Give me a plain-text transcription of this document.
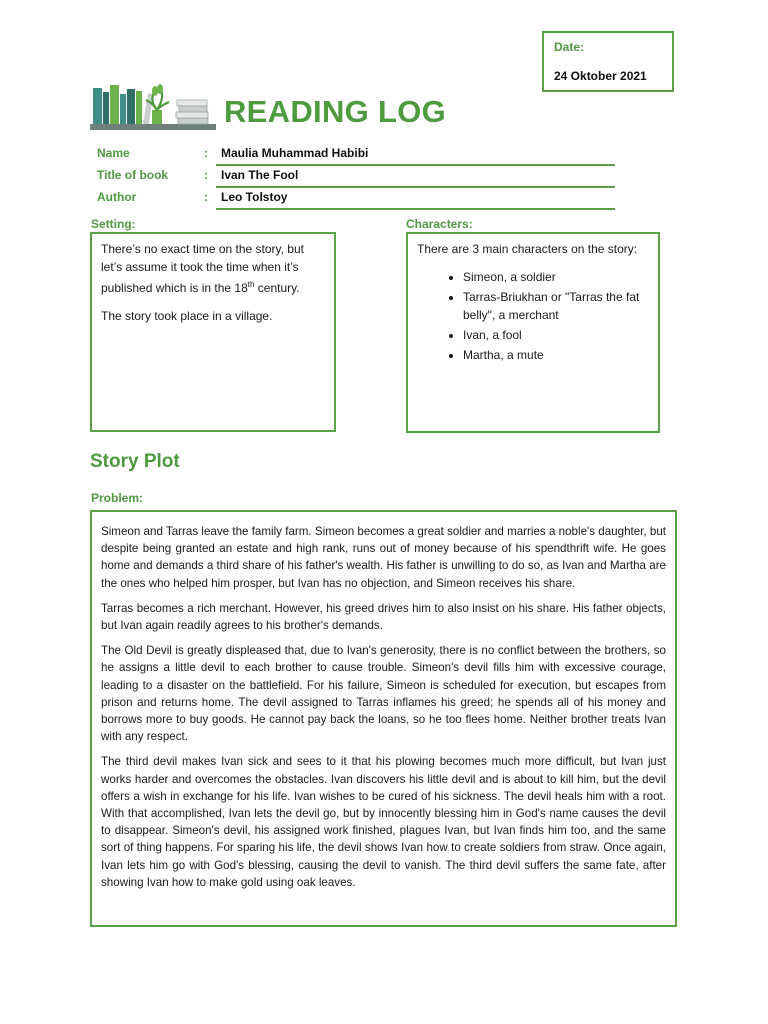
Date:
24 Oktober 2021
READING LOG
Name	: Maulia Muhammad Habibi
Title of book	: Ivan The Fool
Author	: Leo Tolstoy
Setting:

There’s no exact time on the story, but let’s assume it took the time when it’s published which is in the 18th century.

The story took place in a village.

Characters:

There are 3 main characters on the story:

• Simeon, a soldier
• Tarras-Briukhan or "Tarras the fat belly", a merchant
• Ivan, a fool
• Martha, a mute
Story Plot
Problem:

Simeon and Tarras leave the family farm. Simeon becomes a great soldier and marries a noble's daughter, but despite being granted an estate and high rank, runs out of money because of his spendthrift wife. He goes home and demands a third share of his father's wealth. His father is unwilling to do so, as Ivan and Martha are the ones who helped him prosper, but Ivan has no objection, and Simeon receives his share.

Tarras becomes a rich merchant. However, his greed drives him to also insist on his share. His father objects, but Ivan again readily agrees to his brother's demands.

The Old Devil is greatly displeased that, due to Ivan's generosity, there is no conflict between the brothers, so he assigns a little devil to each brother to cause trouble. Simeon's devil fills him with excessive courage, leading to a disaster on the battlefield. For his failure, Simeon is scheduled for execution, but escapes from prison and returns home. The devil assigned to Tarras inflames his greed; he spends all of his money and borrows more to buy goods. He cannot pay back the loans, so he too flees home. Neither brother treats Ivan with any respect.

The third devil makes Ivan sick and sees to it that his plowing becomes much more difficult, but Ivan just works harder and overcomes the obstacles. Ivan discovers his little devil and is about to kill him, but the devil offers a wish in exchange for his life. Ivan wishes to be cured of his sickness. The devil heals him with a root. With that accomplished, Ivan lets the devil go, but by innocently blessing him in God's name causes the devil to disappear. Simeon's devil, his assigned work finished, plagues Ivan, but Ivan finds him too, and the same sort of thing happens. For sparing his life, the devil shows Ivan how to create soldiers from straw. Once again, Ivan lets him go with God's blessing, causing the devil to vanish. The third devil suffers the same fate, after showing Ivan how to make gold using oak leaves.
